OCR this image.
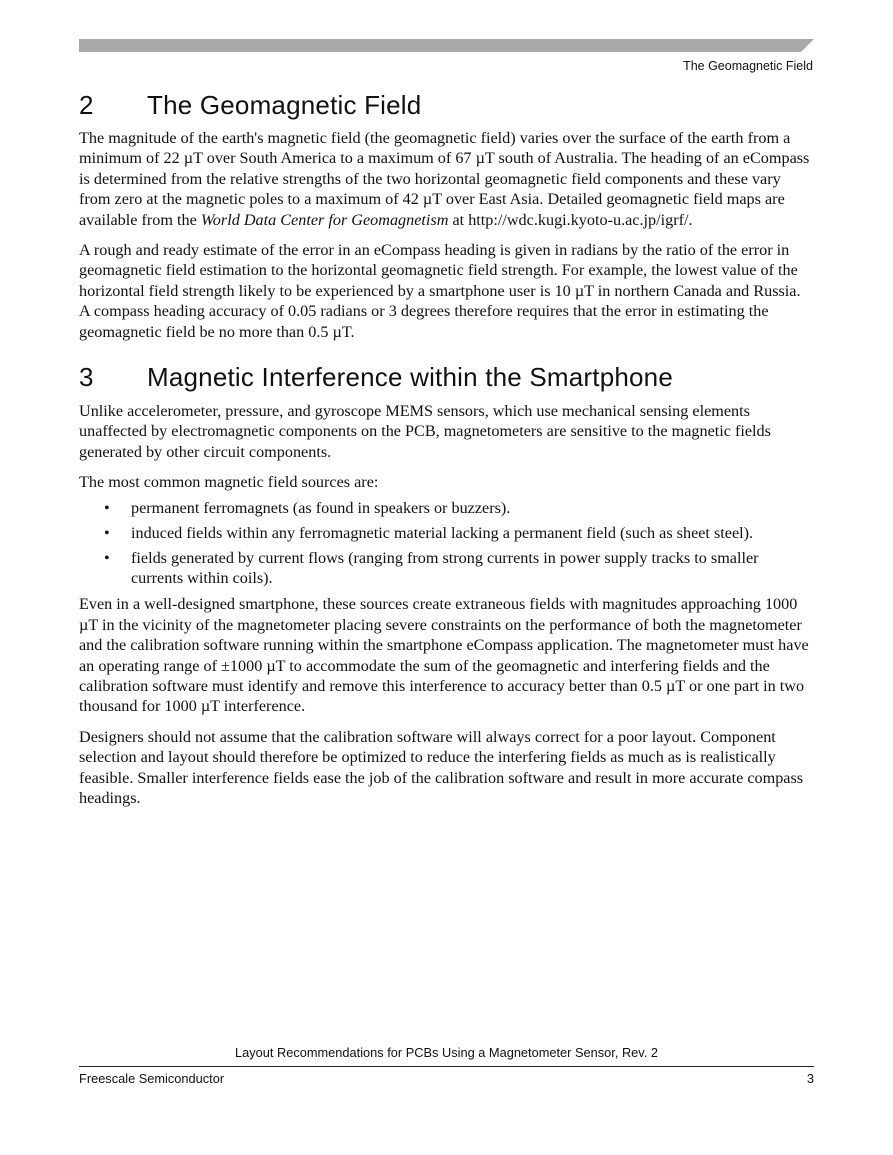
The Geomagnetic Field
2 The Geomagnetic Field

The magnitude of the earth's magnetic field (the geomagnetic field) varies over the surface of the earth from a minimum of 22 µT over South America to a maximum of 67 µT south of Australia. The heading of an eCompass is determined from the relative strengths of the two horizontal geomagnetic field components and these vary from zero at the magnetic poles to a maximum of 42 µT over East Asia. Detailed geomagnetic field maps are available from the World Data Center for Geomagnetism at http://wdc.kugi.kyoto-u.ac.jp/igrf/.

A rough and ready estimate of the error in an eCompass heading is given in radians by the ratio of the error in geomagnetic field estimation to the horizontal geomagnetic field strength. For example, the lowest value of the horizontal field strength likely to be experienced by a smartphone user is 10 µT in northern Canada and Russia. A compass heading accuracy of 0.05 radians or 3 degrees therefore requires that the error in estimating the geomagnetic field be no more than 0.5 µT.

3 Magnetic Interference within the Smartphone

Unlike accelerometer, pressure, and gyroscope MEMS sensors, which use mechanical sensing elements unaffected by electromagnetic components on the PCB, magnetometers are sensitive to the magnetic fields generated by other circuit components.

The most common magnetic field sources are:

• permanent ferromagnets (as found in speakers or buzzers).
• induced fields within any ferromagnetic material lacking a permanent field (such as sheet steel).
• fields generated by current flows (ranging from strong currents in power supply tracks to smaller currents within coils).

Even in a well-designed smartphone, these sources create extraneous fields with magnitudes approaching 1000 µT in the vicinity of the magnetometer placing severe constraints on the performance of both the magnetometer and the calibration software running within the smartphone eCompass application. The magnetometer must have an operating range of ±1000 µT to accommodate the sum of the geomagnetic and interfering fields and the calibration software must identify and remove this interference to accuracy better than 0.5 µT or one part in two thousand for 1000 µT interference.

Designers should not assume that the calibration software will always correct for a poor layout. Component selection and layout should therefore be optimized to reduce the interfering fields as much as is realistically feasible. Smaller interference fields ease the job of the calibration software and result in more accurate compass headings.

Layout Recommendations for PCBs Using a Magnetometer Sensor, Rev. 2
Freescale Semiconductor	3
